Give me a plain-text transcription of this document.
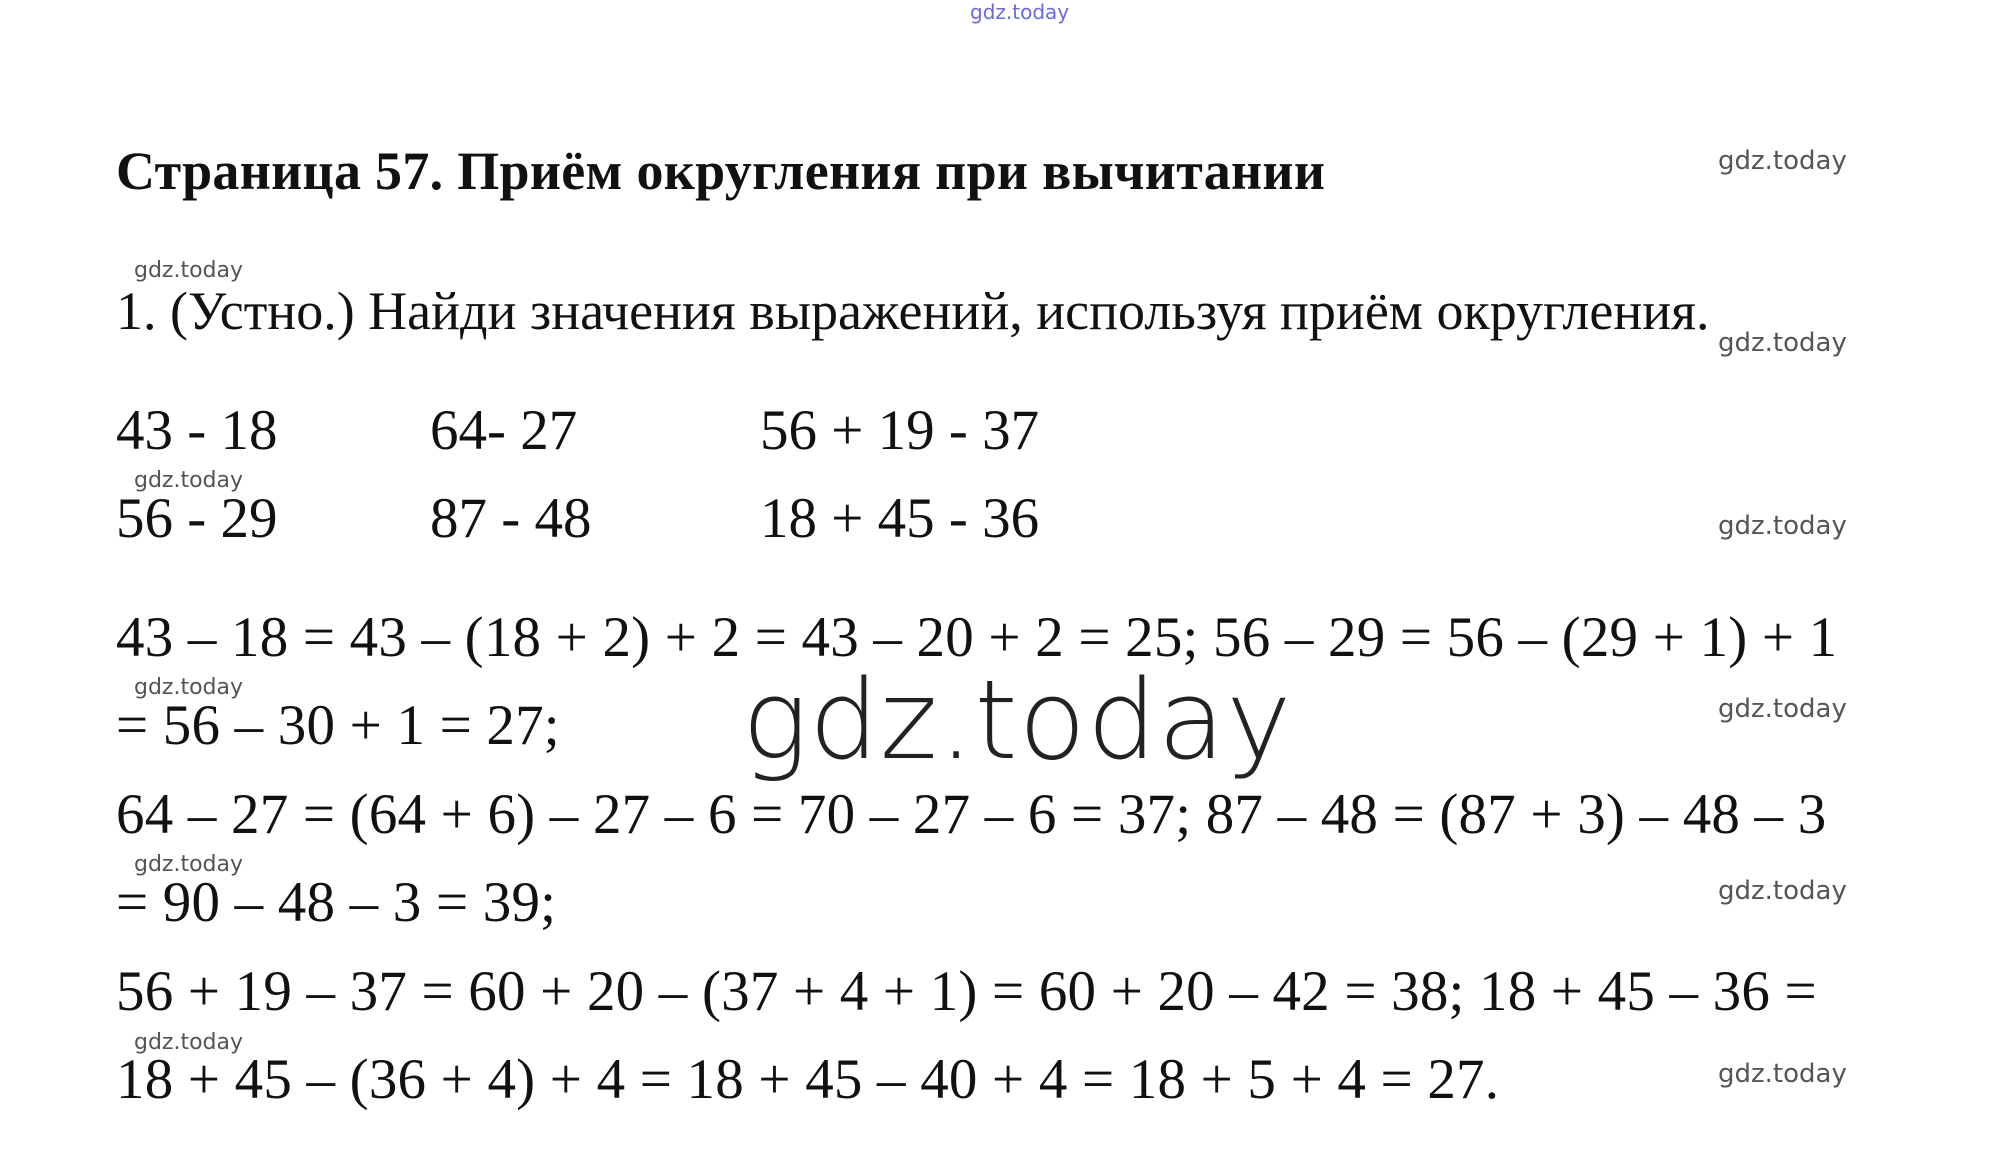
gdz.today
Страница 57. Приём округления при вычитании	gdz.today
gdz.today
1. (Устно.) Найди значения выражений, используя приём округления.
gdz.today
43 - 18	64- 27	56 + 19 - 37
gdz.today
56 - 29	87 - 48	18 + 45 - 36	gdz.today
43 – 18 = 43 – (18 + 2) + 2 = 43 – 20 + 2 = 25; 56 – 29 = 56 – (29 + 1) + 1
gdz.today
= 56 – 30 + 1 = 27;	gdz.today
gdz.today
64 – 27 = (64 + 6) – 27 – 6 = 70 – 27 – 6 = 37; 87 – 48 = (87 + 3) – 48 – 3
gdz.today
= 90 – 48 – 3 = 39;	gdz.today
56 + 19 – 37 = 60 + 20 – (37 + 4 + 1) = 60 + 20 – 42 = 38; 18 + 45 – 36 =
gdz.today
18 + 45 – (36 + 4) + 4 = 18 + 45 – 40 + 4 = 18 + 5 + 4 = 27.	gdz.today
